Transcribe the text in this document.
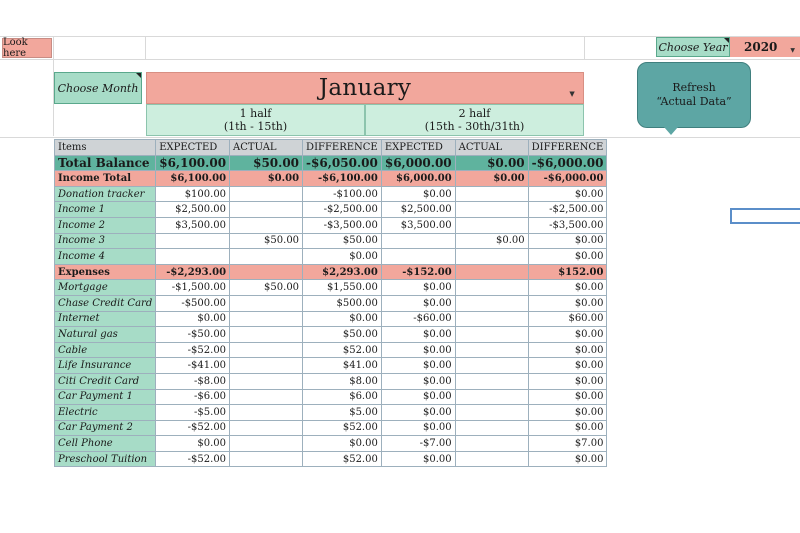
Look here	Choose Year 2020 ▼
Choose Month	January	▼
1 half
(1th - 15th)
2 half
(15th - 30th/31th)
Refresh
“Actual Data”
Items	EXPECTED	ACTUAL	DIFFERENCE	EXPECTED	ACTUAL	DIFFERENCE
Total Balance	$6,100.00	$50.00	-$6,050.00	$6,000.00	$0.00	-$6,000.00
Income Total	$6,100.00	$0.00	-$6,100.00	$6,000.00	$0.00	-$6,000.00
Donation tracker	$100.00		-$100.00	$0.00		$0.00
Income 1	$2,500.00		-$2,500.00	$2,500.00		-$2,500.00
Income 2	$3,500.00		-$3,500.00	$3,500.00		-$3,500.00
Income 3		$50.00	$50.00		$0.00	$0.00
Income 4			$0.00			$0.00
Expenses	-$2,293.00		$2,293.00	-$152.00		$152.00
Mortgage	-$1,500.00	$50.00	$1,550.00	$0.00		$0.00
Chase Credit Card	-$500.00		$500.00	$0.00		$0.00
Internet	$0.00		$0.00	-$60.00		$60.00
Natural gas	-$50.00		$50.00	$0.00		$0.00
Cable	-$52.00		$52.00	$0.00		$0.00
Life Insurance	-$41.00		$41.00	$0.00		$0.00
Citi Credit Card	-$8.00		$8.00	$0.00		$0.00
Car Payment 1	-$6.00		$6.00	$0.00		$0.00
Electric	-$5.00		$5.00	$0.00		$0.00
Car Payment 2	-$52.00		$52.00	$0.00		$0.00
Cell Phone	$0.00		$0.00	-$7.00		$7.00
Preschool Tuition	-$52.00		$52.00	$0.00		$0.00
